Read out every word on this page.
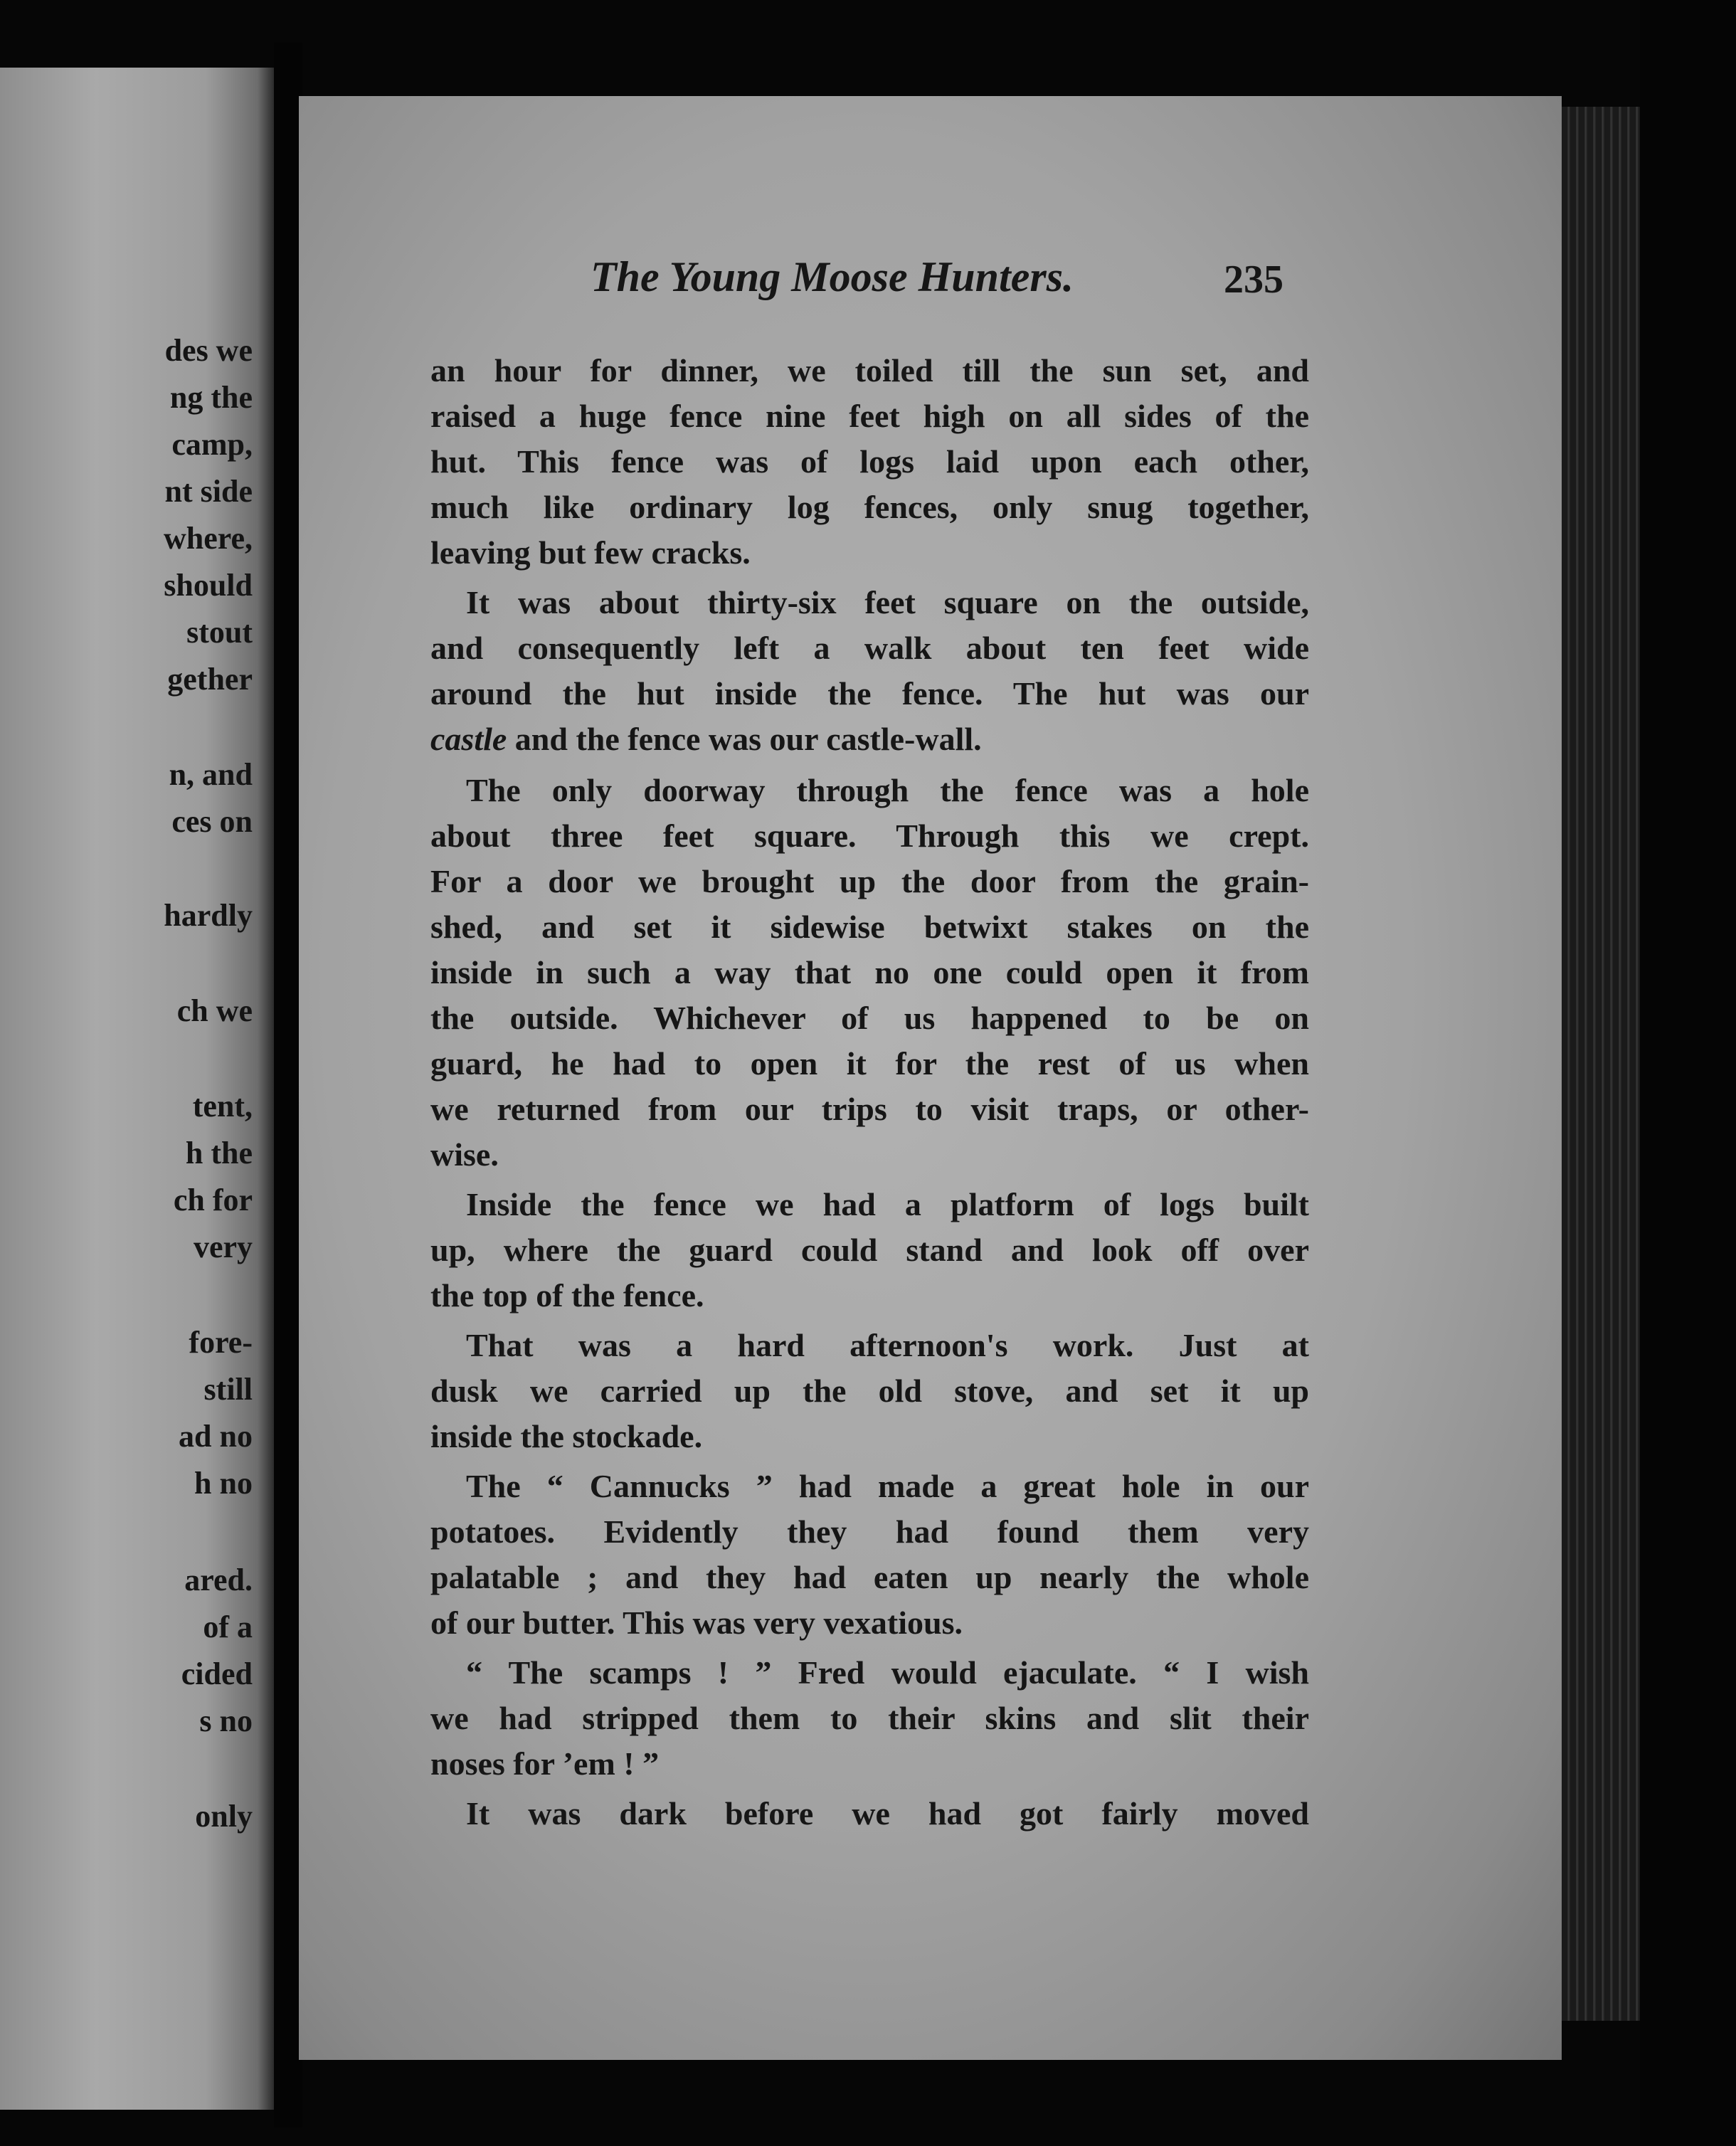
des we
ng the
camp,
nt side
where,
should
stout
gether
n, and
ces on
hardly
ch we
tent,
h the
ch for
very
fore-
still
ad no
h no
ared.
of a
cided
s no
only
The Young Moose Hunters.	235
an hour for dinner, we toiled till the sun set, and
raised a huge fence nine feet high on all sides of the
hut. This fence was of logs laid upon each other,
much like ordinary log fences, only snug together,
leaving but few cracks.
It was about thirty-six feet square on the outside,
and consequently left a walk about ten feet wide
around the hut inside the fence. The hut was our
castle and the fence was our castle-wall.
The only doorway through the fence was a hole
about three feet square. Through this we crept.
For a door we brought up the door from the grain-
shed, and set it sidewise betwixt stakes on the
inside in such a way that no one could open it from
the outside. Whichever of us happened to be on
guard, he had to open it for the rest of us when
we returned from our trips to visit traps, or other-
wise.
Inside the fence we had a platform of logs built
up, where the guard could stand and look off over
the top of the fence.
That was a hard afternoon's work. Just at
dusk we carried up the old stove, and set it up
inside the stockade.
The “ Cannucks ” had made a great hole in our
potatoes. Evidently they had found them very
palatable ; and they had eaten up nearly the whole
of our butter. This was very vexatious.
“ The scamps ! ” Fred would ejaculate. “ I wish
we had stripped them to their skins and slit their
noses for ’em ! ”
It was dark before we had got fairly moved
